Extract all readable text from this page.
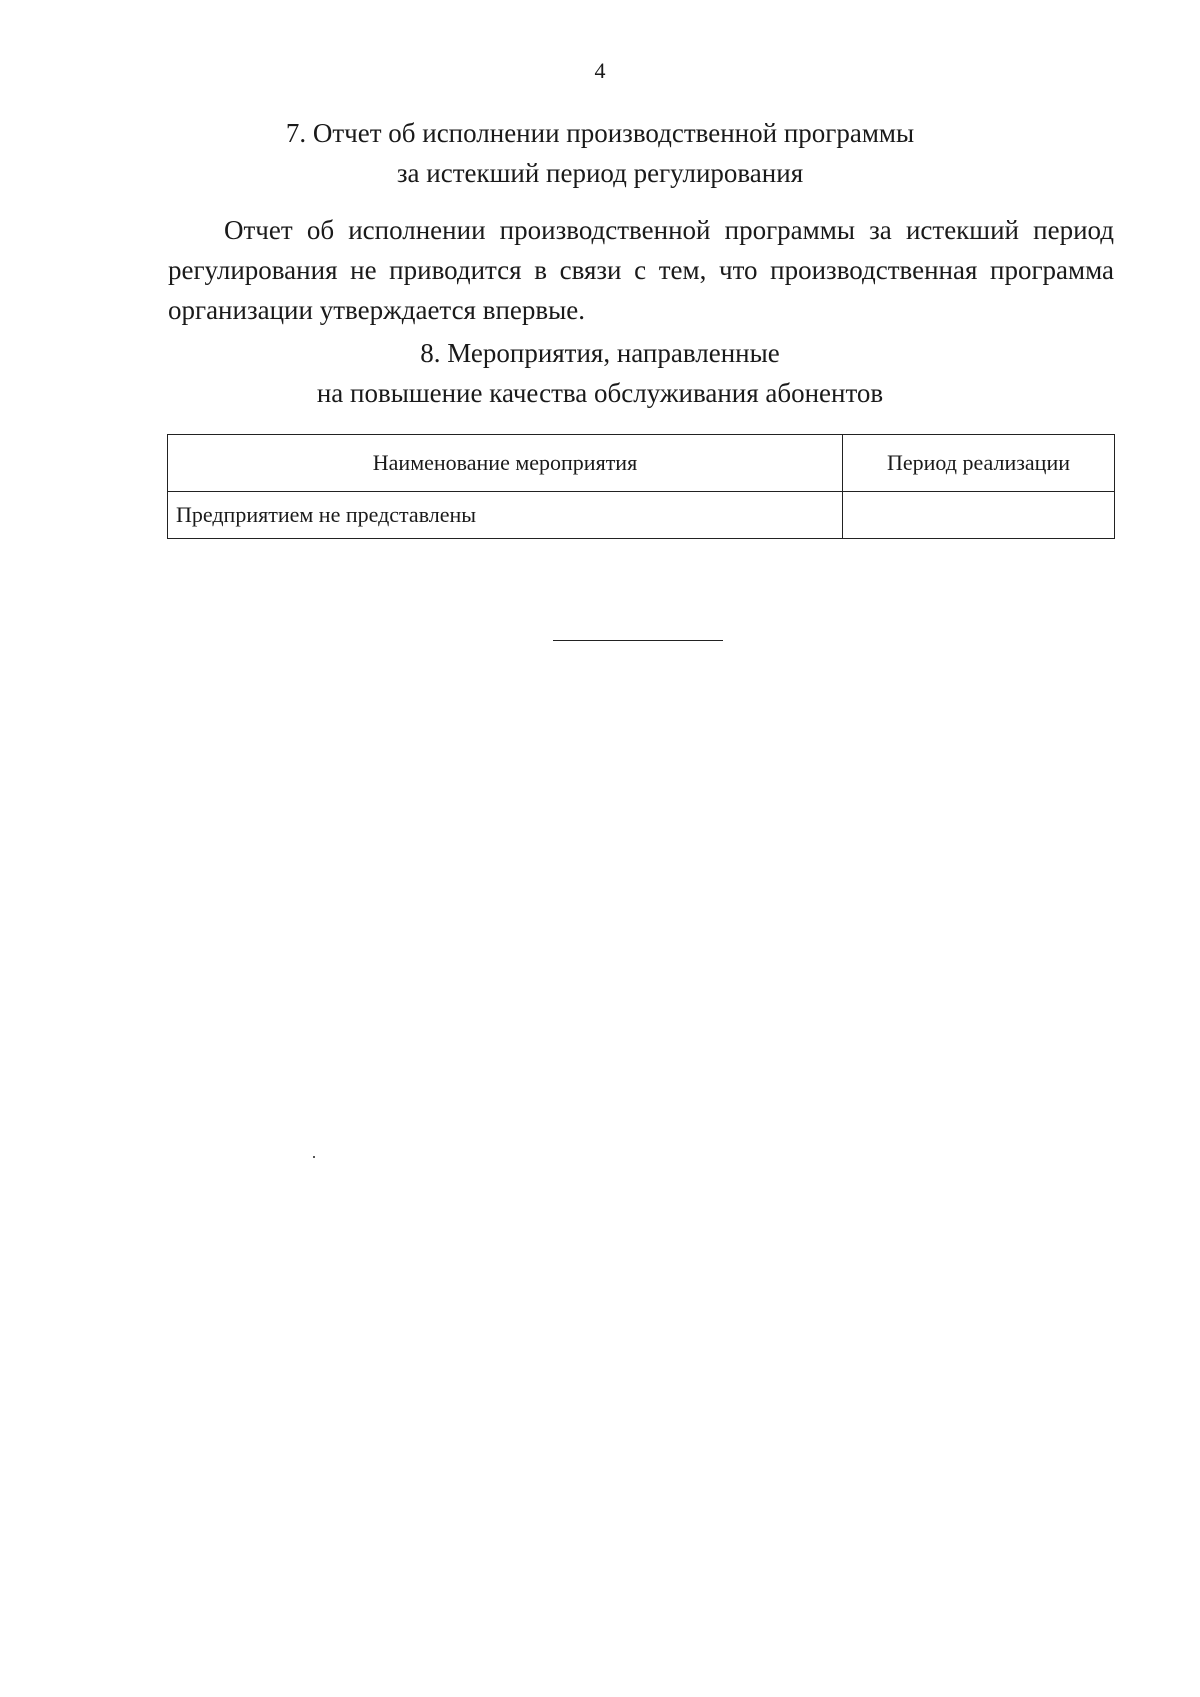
4
7. Отчет об исполнении производственной программы
за истекший период регулирования
Отчет об исполнении производственной программы за истекший период регулирования не приводится в связи с тем, что производственная программа организации утверждается впервые.
8. Мероприятия, направленные
на повышение качества обслуживания абонентов
Наименование мероприятия	Период реализации
Предприятием не представлены	
